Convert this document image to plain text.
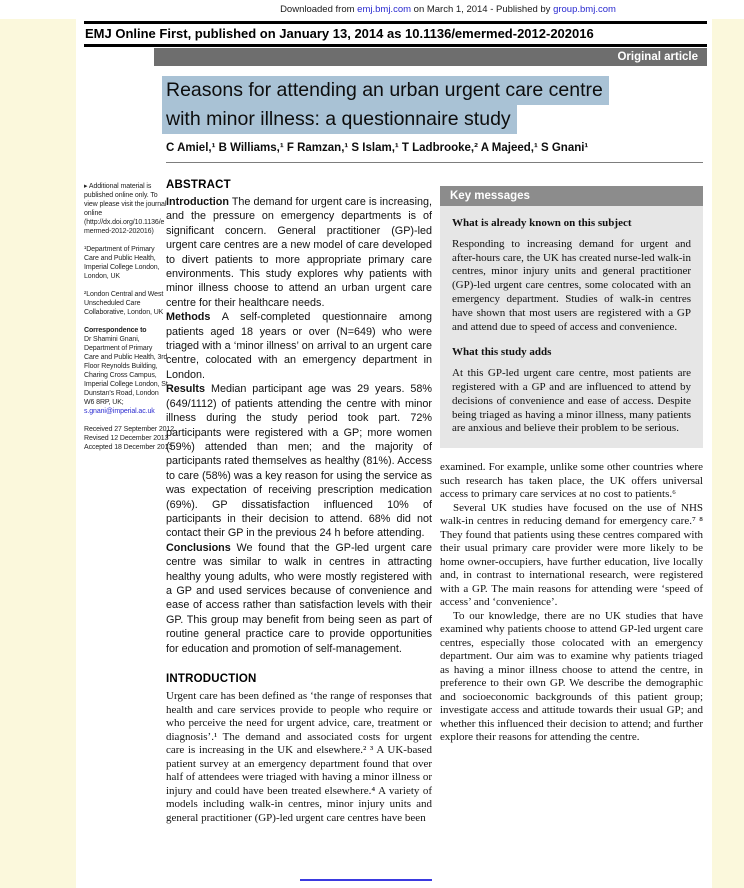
Downloaded from emj.bmj.com on March 1, 2014 - Published by group.bmj.com
EMJ Online First, published on January 13, 2014 as 10.1136/emermed-2012-202016
Original article
Reasons for attending an urban urgent care centre
with minor illness: a questionnaire study
C Amiel,¹ B Williams,¹ F Ramzan,¹ S Islam,¹ T Ladbrooke,² A Majeed,¹ S Gnani¹

▸ Additional material is published online only. To view please visit the journal online (http://dx.doi.org/10.1136/emermed-2012-202016)

¹Department of Primary Care and Public Health, Imperial College London, London, UK

²London Central and West Unscheduled Care Collaborative, London, UK

Correspondence to
Dr Shamini Gnani, Department of Primary Care and Public Health, 3rd Floor Reynolds Building, Charing Cross Campus, Imperial College London, St Dunstan's Road, London W6 8RP, UK; s.gnani@imperial.ac.uk

Received 27 September 2012
Revised 12 December 2013
Accepted 18 December 2013

ABSTRACT

Introduction The demand for urgent care is increasing, and the pressure on emergency departments is of significant concern. General practitioner (GP)-led urgent care centres are a new model of care developed to divert patients to more appropriate primary care environments. This study explores why patients with minor illness choose to attend an urban urgent care centre for their healthcare needs.

Methods A self-completed questionnaire among patients aged 18 years or over (N=649) who were triaged with a ‘minor illness’ on arrival to an urgent care centre, colocated with an emergency department in London.

Results Median participant age was 29 years. 58% (649/1112) of patients attending the centre with minor illness during the study period took part. 72% participants were registered with a GP; more women (59%) attended than men; and the majority of participants rated themselves as healthy (81%). Access to care (58%) was a key reason for using the service as was expectation of receiving prescription medication (69%). GP dissatisfaction influenced 10% of participants in their decision to attend. 68% did not contact their GP in the previous 24 h before attending.

Conclusions We found that the GP-led urgent care centre was similar to walk in centres in attracting healthy young adults, who were mostly registered with a GP and used services because of convenience and ease of access rather than satisfaction levels with their GP. This group may benefit from being seen as part of routine general practice care to provide opportunities for education and promotion of self-management.

INTRODUCTION

Urgent care has been defined as ‘the range of responses that health and care services provide to people who require or who perceive the need for urgent advice, care, treatment or diagnosis’.¹ The demand and associated costs for urgent care is increasing in the UK and elsewhere.² ³ A UK-based patient survey at an emergency department found that over half of attendees were triaged with having a minor illness or injury and could have been treated elsewhere.⁴ A variety of models including walk-in centres, minor injury units and general practitioner (GP)-led urgent care centres have been

Key messages

What is already known on this subject

Responding to increasing demand for urgent and after-hours care, the UK has created nurse-led walk-in centres, minor injury units and general practitioner (GP)-led urgent care centres, some colocated with an emergency department. Studies of walk-in centres have shown that most users are registered with a GP and attend due to speed of access and convenience.

What this study adds

At this GP-led urgent care centre, most patients are registered with a GP and are influenced to attend by decisions of convenience and ease of access. Despite being triaged as having a minor illness, many patients are anxious and believe their problem to be serious.

examined. For example, unlike some other countries where such research has taken place, the UK offers universal access to primary care services at no cost to patients.⁶

Several UK studies have focused on the use of NHS walk-in centres in reducing demand for emergency care.⁷ ⁸ They found that patients using these centres compared with their usual primary care provider were more likely to be home owner-occupiers, have further education, live locally and, in contrast to international research, were registered with a GP. The main reasons for attending were ‘speed of access’ and ‘convenience’.

To our knowledge, there are no UK studies that have examined why patients choose to attend GP-led urgent care centres, especially those colocated with an emergency department. Our aim was to examine why patients triaged as having a minor illness choose to attend the centre, in preference to their own GP. We describe the demographic and socioeconomic backgrounds of this patient group; investigate access and attitude towards their usual GP; and whether this influenced their decision to attend; and further explore their reasons for attending the centre.
